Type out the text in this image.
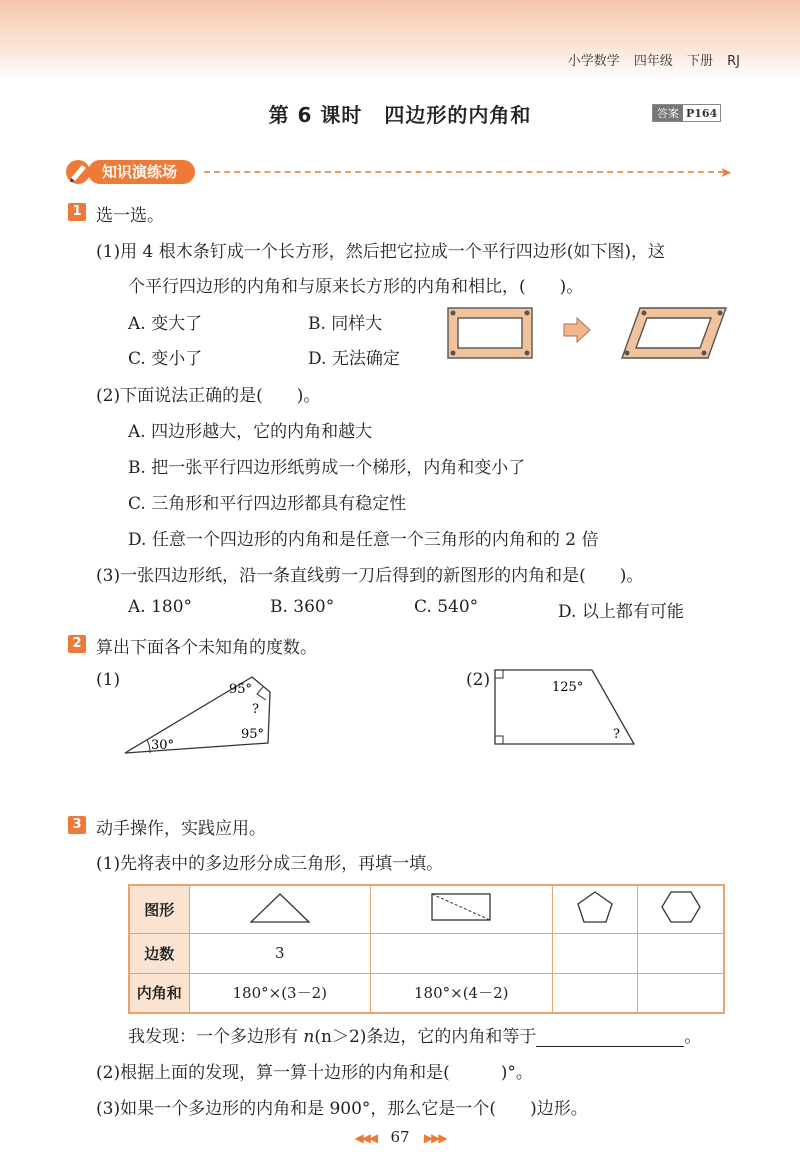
小学数学 四年级 下册 RJ
第 6 课时 四边形的内角和	答案 P164
知识演练场	➤
1 选一选。
(1)用 4 根木条钉成一个长方形，然后把它拉成一个平行四边形(如下图)，这
个平行四边形的内角和与原来长方形的内角和相比，(　　)。
A. 变大了	B. 同样大
C. 变小了	D. 无法确定
(2)下面说法正确的是(　　)。
A. 四边形越大，它的内角和越大
B. 把一张平行四边形纸剪成一个梯形，内角和变小了
C. 三角形和平行四边形都具有稳定性
D. 任意一个四边形的内角和是任意一个三角形的内角和的 2 倍
(3)一张四边形纸，沿一条直线剪一刀后得到的新图形的内角和是(　　)。
A. 180°	B. 360°	C. 540°	D. 以上都有可能
2 算出下面各个未知角的度数。
(1)	95°
?
95°
30°
(2)	125°
?
3 动手操作，实践应用。
(1)先将表中的多边形分成三角形，再填一填。
图形				
边数	3			
内角和	180°×(3－2)	180°×(4－2)		
我发现：一个多边形有 n(n＞2)条边，它的内角和等于	。
(2)根据上面的发现，算一算十边形的内角和是(　　　)°。
(3)如果一个多边形的内角和是 900°，那么它是一个(　　)边形。
◀◀◀ 67 ▶▶▶
